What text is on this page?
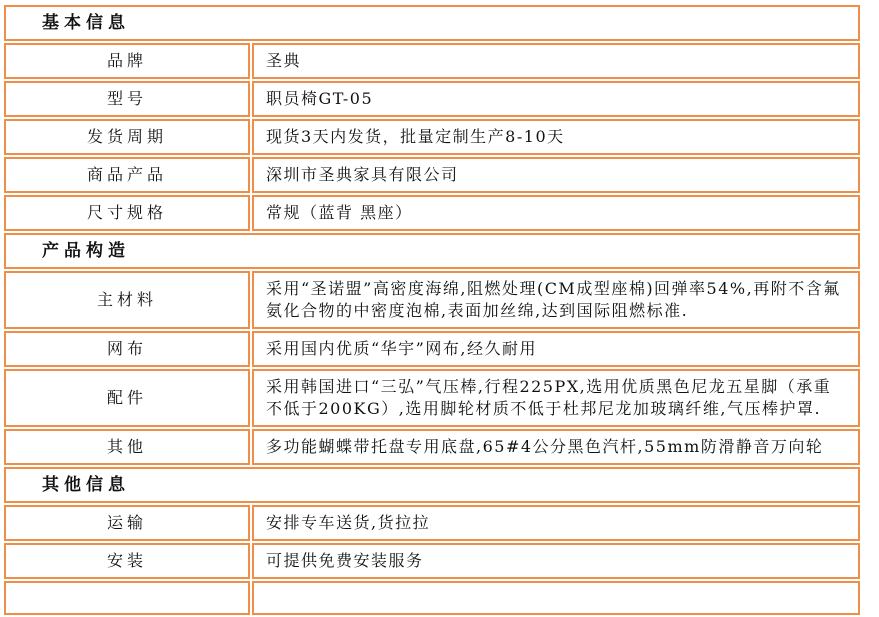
基本信息	
品牌	圣典
型号	职员椅GT-05
发货周期	现货3天内发货，批量定制生产8-10天
商品产品	深圳市圣典家具有限公司
尺寸规格	常规（蓝背 黑座）
产品构造	
主材料	采用“圣诺盟”高密度海绵,阻燃处理(CM成型座棉)回弹率54%,再附不含氟氨化合物的中密度泡棉,表面加丝绵,达到国际阻燃标准.
网布	采用国内优质“华宇”网布,经久耐用
配件	采用韩国进口“三弘”气压棒,行程225PX,选用优质黑色尼龙五星脚（承重不低于200KG）,选用脚轮材质不低于杜邦尼龙加玻璃纤维,气压棒护罩.
其他	多功能蝴蝶带托盘专用底盘,65#4公分黑色汽杆,55mm防滑静音万向轮
其他信息	
运输	安排专车送货,货拉拉
安装	可提供免费安装服务
